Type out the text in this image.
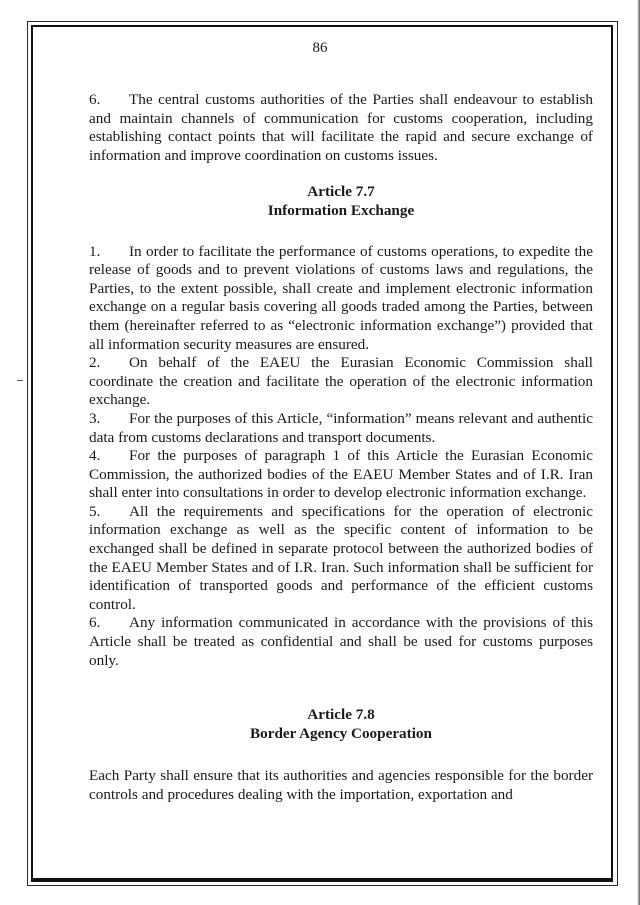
86

6. The central customs authorities of the Parties shall endeavour to establish and maintain channels of communication for customs cooperation, including establishing contact points that will facilitate the rapid and secure exchange of information and improve coordination on customs issues.

Article 7.7

Information Exchange

1. In order to facilitate the performance of customs operations, to expedite the release of goods and to prevent violations of customs laws and regulations, the Parties, to the extent possible, shall create and implement electronic information exchange on a regular basis covering all goods traded among the Parties, between them (hereinafter referred to as “electronic information exchange”) provided that all information security measures are ensured.

2. On behalf of the EAEU the Eurasian Economic Commission shall coordinate the creation and facilitate the operation of the electronic information exchange.

3. For the purposes of this Article, “information” means relevant and authentic data from customs declarations and transport documents.

4. For the purposes of paragraph 1 of this Article the Eurasian Economic Commission, the authorized bodies of the EAEU Member States and of I.R. Iran shall enter into consultations in order to develop electronic information exchange.

5. All the requirements and specifications for the operation of electronic information exchange as well as the specific content of information to be exchanged shall be defined in separate protocol between the authorized bodies of the EAEU Member States and of I.R. Iran. Such information shall be sufficient for identification of transported goods and performance of the efficient customs control.

6. Any information communicated in accordance with the provisions of this Article shall be treated as confidential and shall be used for customs purposes only.

Article 7.8

Border Agency Cooperation

Each Party shall ensure that its authorities and agencies responsible for the border controls and procedures dealing with the importation, exportation and
